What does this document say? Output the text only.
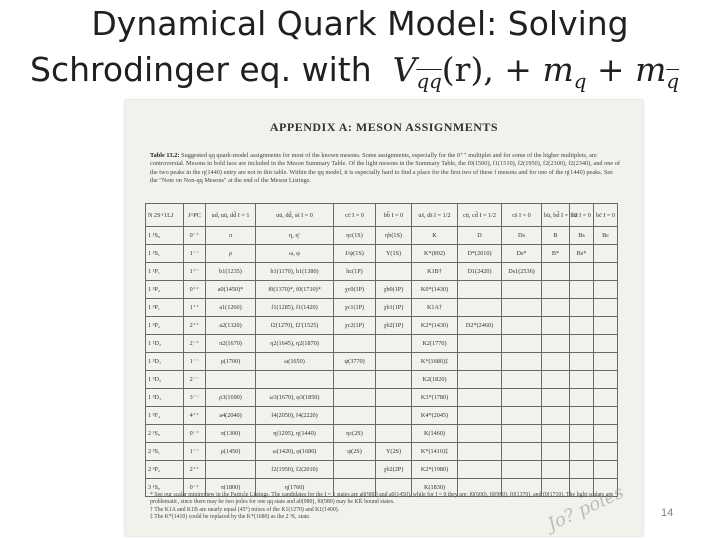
Dynamical Quark Model: Solving
Schrodinger eq. with $V_{\overline{qq}}(r)$, + $m_q + m_{\overline{q}}$
APPENDIX A: MESON ASSIGNMENTS
Table 13.2: Suggested qq quark-model assignments for most of the known mesons. Some assignments, especially for the 0⁺⁺ multiplet and for some of the higher multiplets, are controversial. Mesons in bold face are included in the Meson Summary Table. Of the light mesons in the Summary Table, the f0(1500), f1(1510), f2(1950), f2(2300), f2(2340), and one of the two peaks in the η(1440) entry are not in this table. Within the qq model, it is especially hard to find a place for the first two of these f mesons and for one of the η(1440) peaks. See the "Note on Non-qq Mesons" at the end of the Meson Listings.
N 2S+1LJ	J^PC	ud, uū, dd̄ I = 1	uū, dd̄, ss̄ I = 0	cc̄ I = 0	bb̄ I = 0	us̄, ds̄ I = 1/2	cū, cd̄ I = 1/2	cs̄ I = 0	bū, bd̄ I = 1/2	bs̄ I = 0	bc̄ I = 0
1 ¹S₀	0⁻⁺	π	η, η′	ηc(1S)	ηb(1S)	K	D	Ds	B	Bs	Bc
1 ³S₁	1⁻⁻	ρ	ω, φ	J/ψ(1S)	Υ(1S)	K*(892)	D*(2010)	Ds*	B*	Bs*	
1 ¹P₁	1⁺⁻	b1(1235)	h1(1170), h1(1380)	hc(1P)		K1B†	D1(2420)	Ds1(2536)			
1 ³P₀	0⁺⁺	a0(1450)*	f0(1370)*, f0(1710)*	χc0(1P)	χb0(1P)	K0*(1430)					
1 ³P₁	1⁺⁺	a1(1260)	f1(1285), f1(1420)	χc1(1P)	χb1(1P)	K1A†					
1 ³P₂	2⁺⁺	a2(1320)	f2(1270), f2′(1525)	χc2(1P)	χb2(1P)	K2*(1430)	D2*(2460)				
1 ¹D₂	2⁻⁺	π2(1670)	η2(1645), η2(1870)			K2(1770)					
1 ³D₁	1⁻⁻	ρ(1700)	ω(1650)	ψ(3770)		K*(1680)‡					
1 ³D₂	2⁻⁻					K2(1820)					
1 ³D₃	3⁻⁻	ρ3(1690)	ω3(1670), φ3(1850)			K3*(1780)					
1 ³F₄	4⁺⁺	a4(2040)	f4(2050), f4(2220)			K4*(2045)					
2 ¹S₀	0⁻⁺	π(1300)	η(1295), η(1440)	ηc(2S)		K(1460)					
2 ³S₁	1⁻⁻	ρ(1450)	ω(1420), φ(1680)	ψ(2S)	Υ(2S)	K*(1410)‡					
2 ³P₂	2⁺⁺		f2(1950), f2(2010)		χb2(2P)	K2*(1980)					
3 ¹S₀	0⁻⁺	π(1800)	η(1760)			K(1830)					
* See our scalar minireview in the Particle Listings. The candidates for the I = 1 states are a0(980) and a0(1450), while for I = 0 they are: f0(600), f0(980), f0(1370), and f0(1710). The light scalars are problematic, since there may be two poles for one qq state and a0(980), f0(980) may be KK̄ bound states.
† The K1A and K1B are nearly equal (45°) mixes of the K1(1270) and K1(1400).
‡ The K*(1410) could be replaced by the K*(1680) as the 2 ³S₁ state.	Jo? poles	14
